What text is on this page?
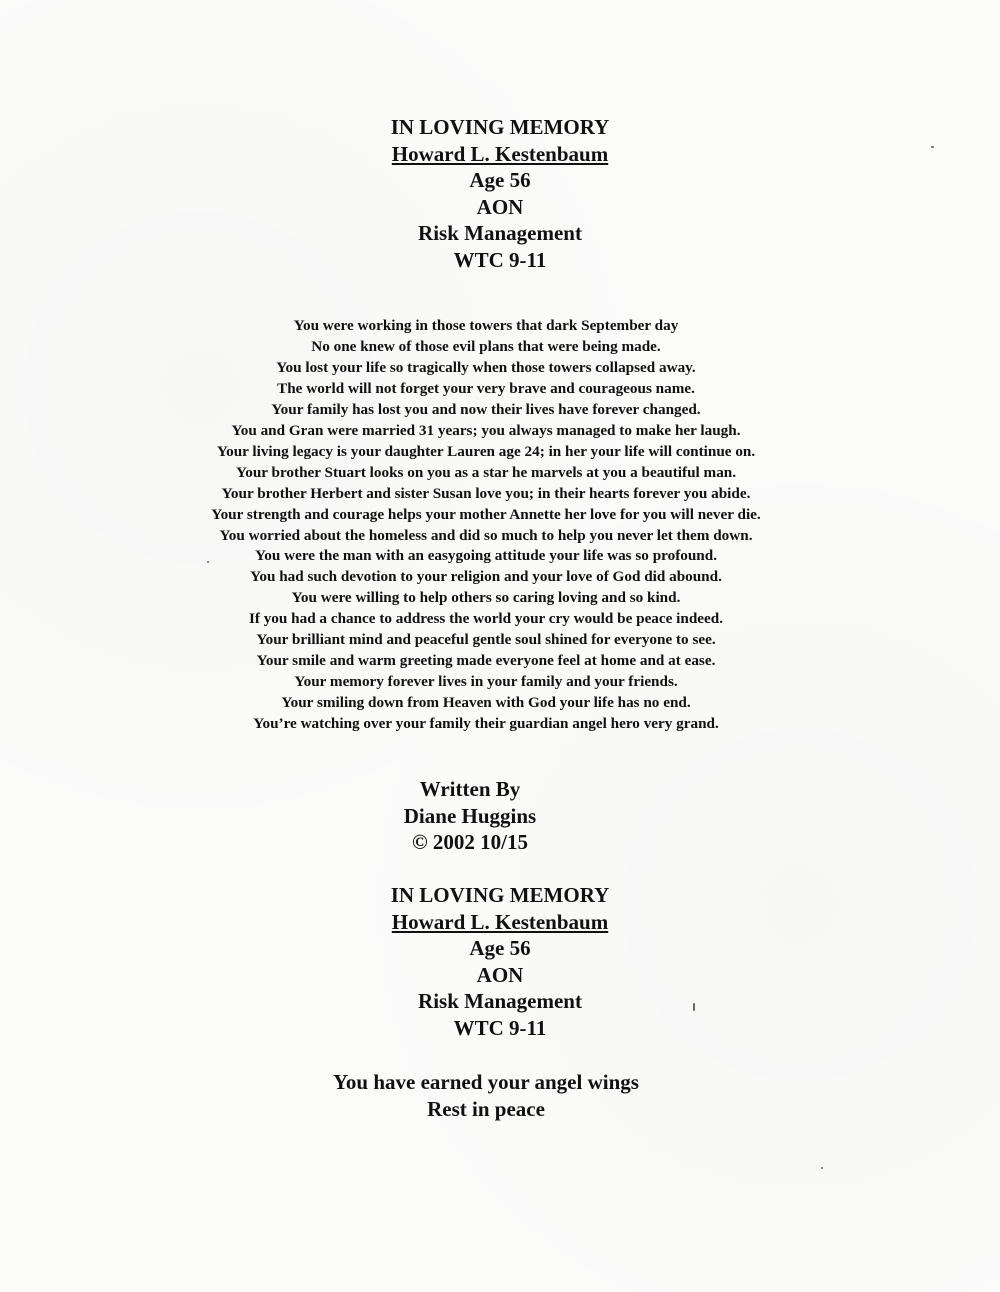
IN LOVING MEMORY
Howard L. Kestenbaum
Age 56
AON
Risk Management
WTC 9-11
You were working in those towers that dark September day
No one knew of those evil plans that were being made.
You lost your life so tragically when those towers collapsed away.
The world will not forget your very brave and courageous name.
Your family has lost you and now their lives have forever changed.
You and Gran were married 31 years; you always managed to make her laugh.
Your living legacy is your daughter Lauren age 24; in her your life will continue on.
Your brother Stuart looks on you as a star he marvels at you a beautiful man.
Your brother Herbert and sister Susan love you; in their hearts forever you abide.
Your strength and courage helps your mother Annette her love for you will never die.
You worried about the homeless and did so much to help you never let them down.
You were the man with an easygoing attitude your life was so profound.
You had such devotion to your religion and your love of God did abound.
You were willing to help others so caring loving and so kind.
If you had a chance to address the world your cry would be peace indeed.
Your brilliant mind and peaceful gentle soul shined for everyone to see.
Your smile and warm greeting made everyone feel at home and at ease.
Your memory forever lives in your family and your friends.
Your smiling down from Heaven with God your life has no end.
You’re watching over your family their guardian angel hero very grand.
Written By
Diane Huggins
© 2002 10/15
IN LOVING MEMORY
Howard L. Kestenbaum
Age 56
AON
Risk Management
WTC 9-11
You have earned your angel wings
Rest in peace
